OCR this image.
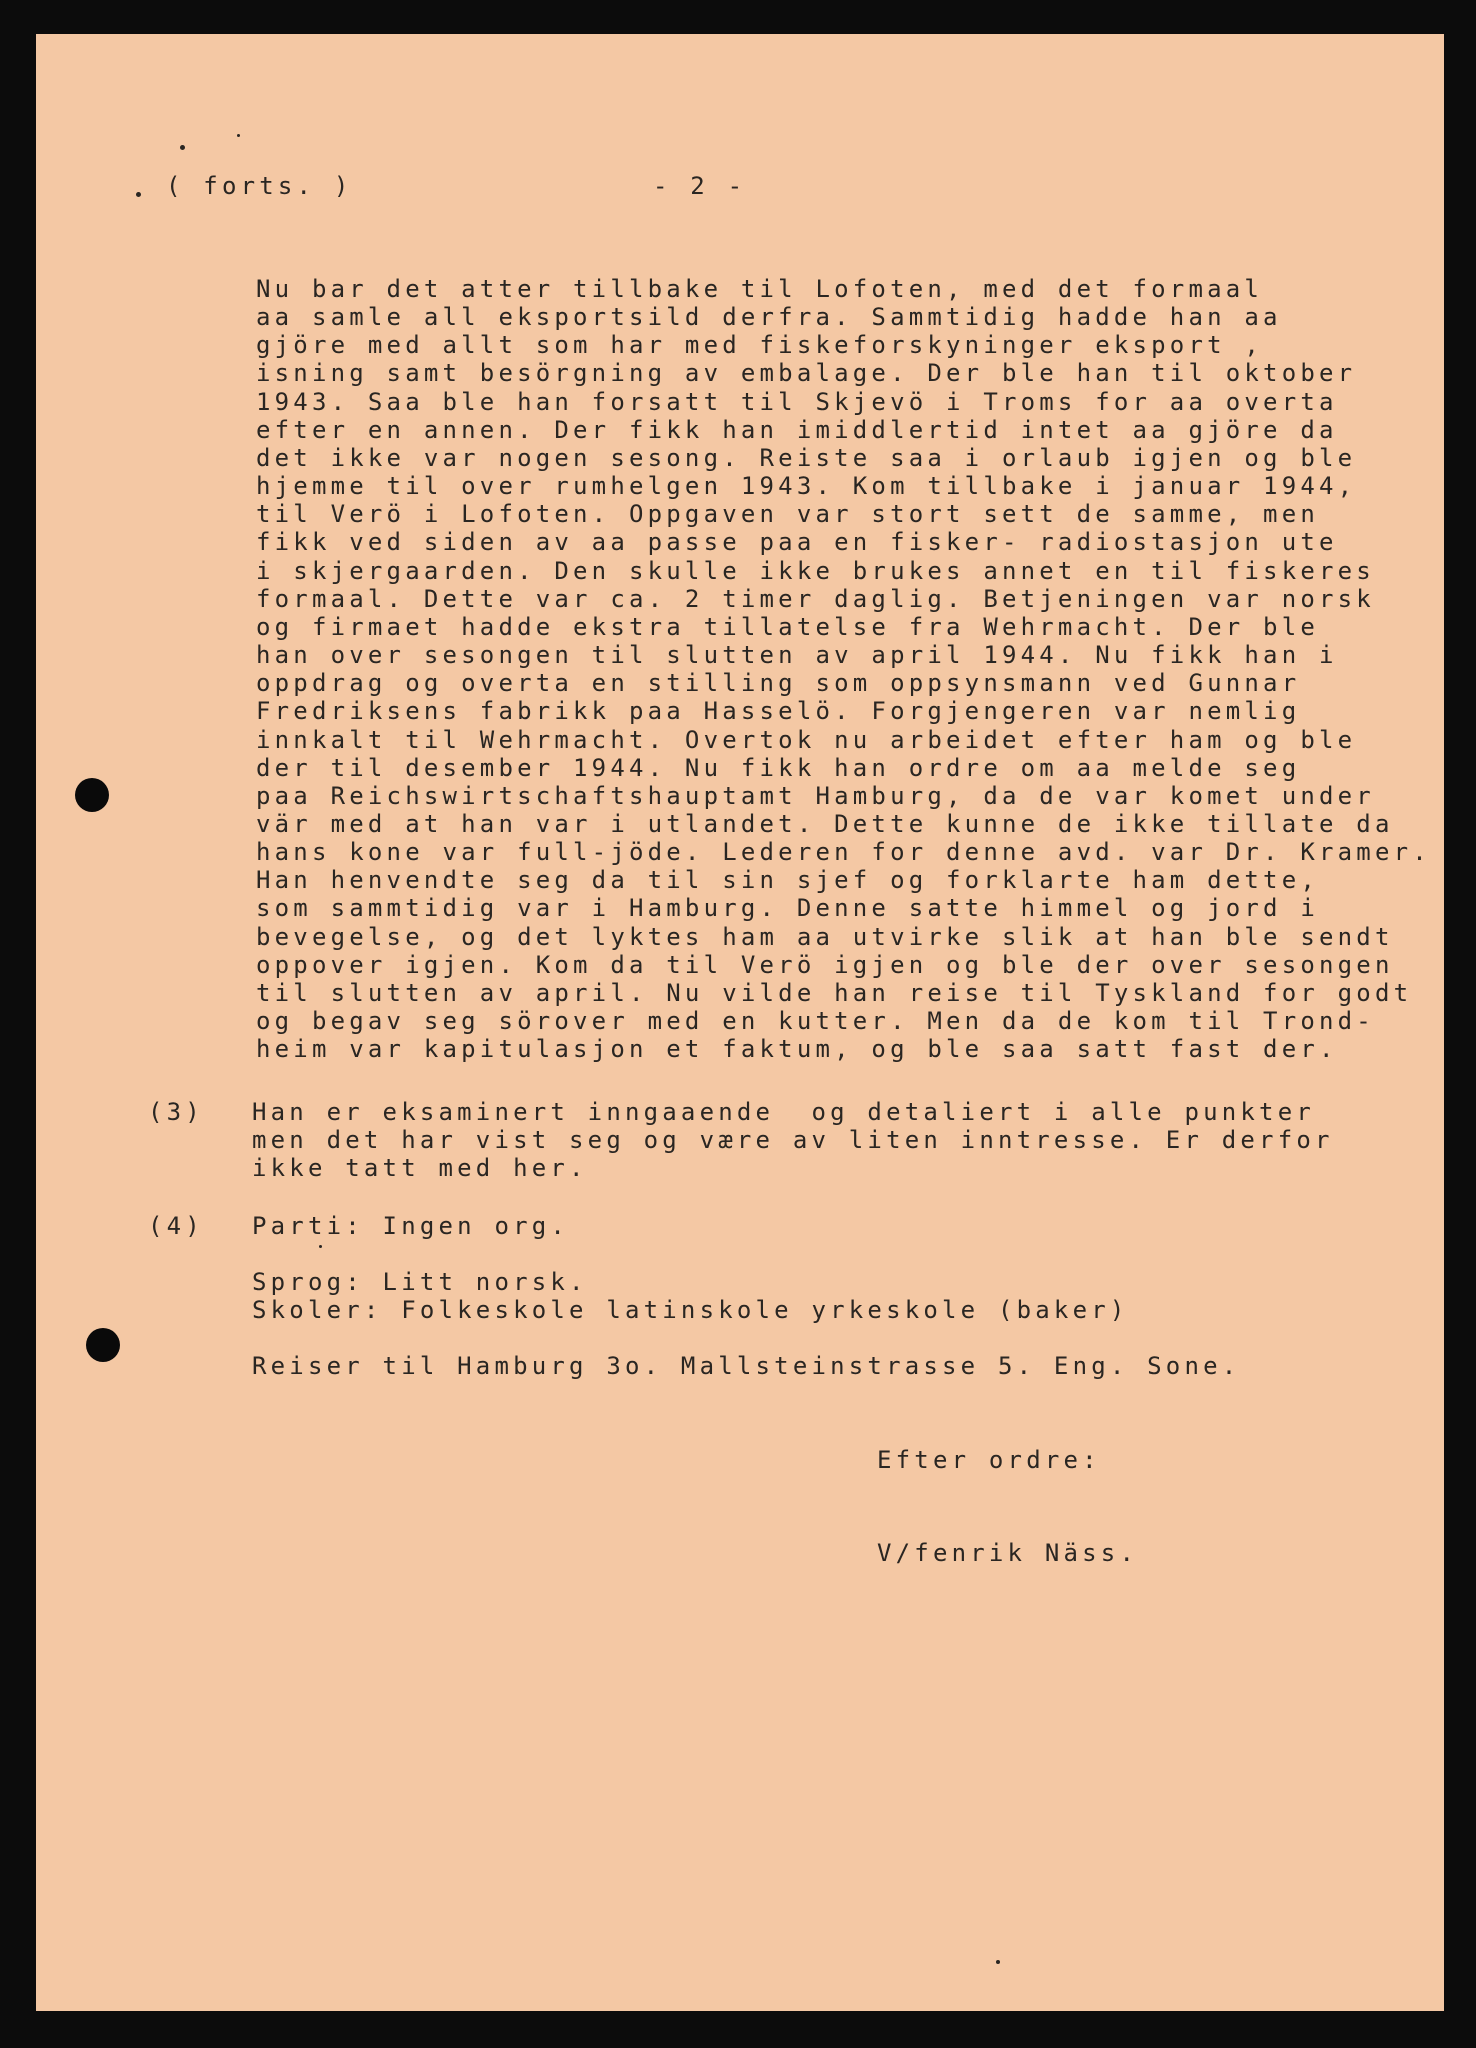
( forts. )	- 2 -
Nu bar det atter tillbake til Lofoten, med det formaal
aa samle all eksportsild derfra. Sammtidig hadde han aa
gjöre med allt som har med fiskeforskyninger eksport ,
isning samt besörgning av embalage. Der ble han til oktober
1943. Saa ble han forsatt til Skjevö i Troms for aa overta
efter en annen. Der fikk han imiddlertid intet aa gjöre da
det ikke var nogen sesong. Reiste saa i orlaub igjen og ble
hjemme til over rumhelgen 1943. Kom tillbake i januar 1944,
til Verö i Lofoten. Oppgaven var stort sett de samme, men
fikk ved siden av aa passe paa en fisker- radiostasjon ute
i skjergaarden. Den skulle ikke brukes annet en til fiskeres
formaal. Dette var ca. 2 timer daglig. Betjeningen var norsk
og firmaet hadde ekstra tillatelse fra Wehrmacht. Der ble
han over sesongen til slutten av april 1944. Nu fikk han i
oppdrag og overta en stilling som oppsynsmann ved Gunnar
Fredriksens fabrikk paa Hasselö. Forgjengeren var nemlig
innkalt til Wehrmacht. Overtok nu arbeidet efter ham og ble
der til desember 1944. Nu fikk han ordre om aa melde seg
paa Reichswirtschaftshauptamt Hamburg, da de var komet under
vär med at han var i utlandet. Dette kunne de ikke tillate da
hans kone var full-jöde. Lederen for denne avd. var Dr. Kramer.
Han henvendte seg da til sin sjef og forklarte ham dette,
som sammtidig var i Hamburg. Denne satte himmel og jord i
bevegelse, og det lyktes ham aa utvirke slik at han ble sendt
oppover igjen. Kom da til Verö igjen og ble der over sesongen
til slutten av april. Nu vilde han reise til Tyskland for godt
og begav seg sörover med en kutter. Men da de kom til Trond-
heim var kapitulasjon et faktum, og ble saa satt fast der.
(3) Han er eksaminert inngaaende  og detaliert i alle punkter
men det har vist seg og være av liten inntresse. Er derfor
ikke tatt med her.
(4) Parti: Ingen org.
Sprog: Litt norsk.
Skoler: Folkeskole latinskole yrkeskole (baker)
Reiser til Hamburg 3o. Mallsteinstrasse 5. Eng. Sone.
Efter ordre:
V/fenrik Näss.
